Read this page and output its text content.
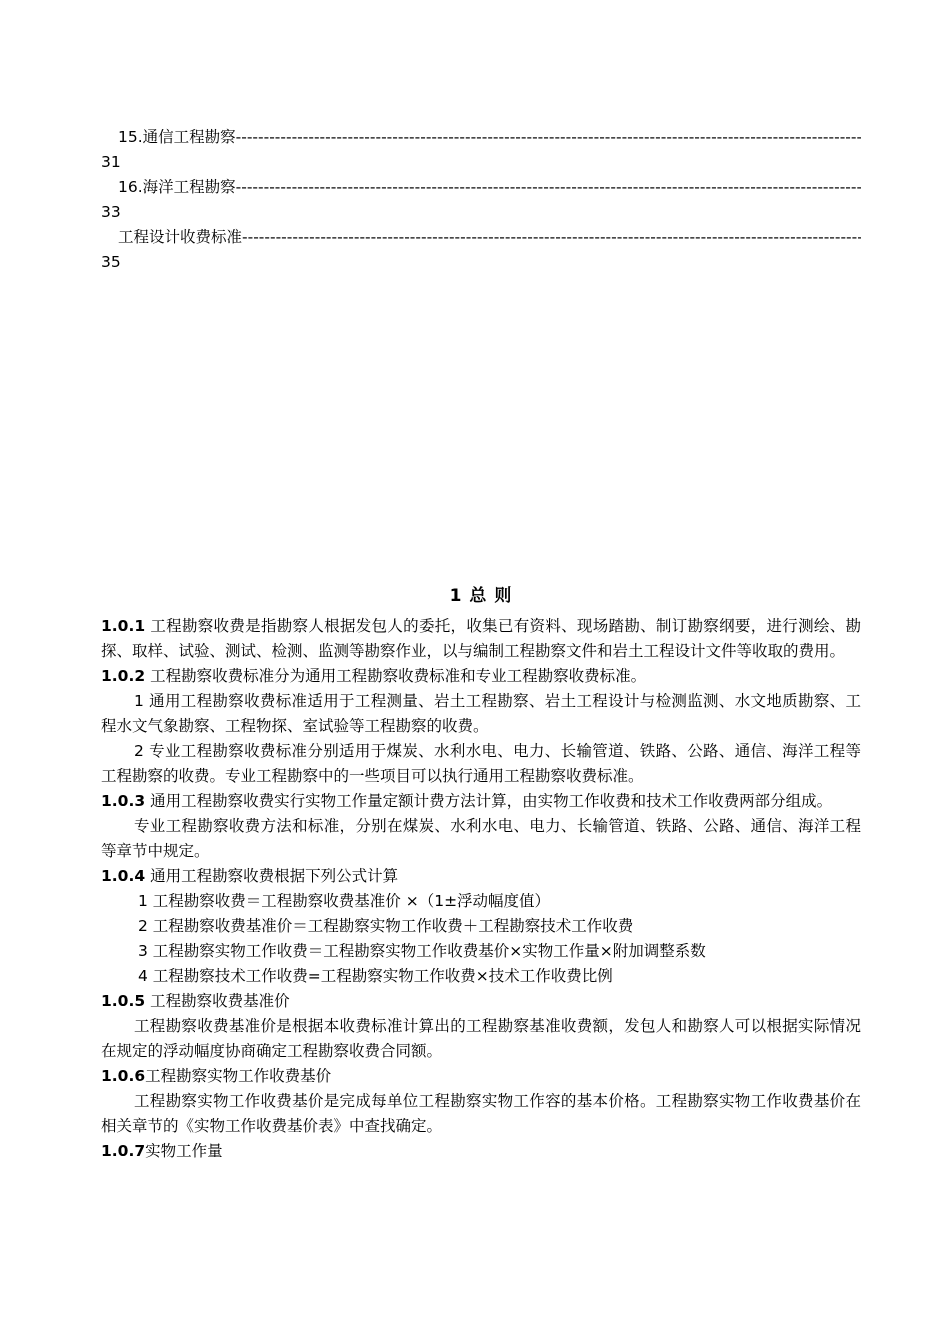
15.通信工程勘察
-----
31
16.海洋工程勘察
-----
33
工程设计收费标准
-----
35
1 总 则
1.0.1 工程勘察收费是指勘察人根据发包人的委托，收集已有资料、现场踏勘、制订勘察纲要，进行测绘、勘探、取样、试验、测试、检测、监测等勘察作业，以与编制工程勘察文件和岩土工程设计文件等收取的费用。
1.0.2 工程勘察收费标准分为通用工程勘察收费标准和专业工程勘察收费标准。
1 通用工程勘察收费标准适用于工程测量、岩土工程勘察、岩土工程设计与检测监测、水文地质勘察、工程水文气象勘察、工程物探、室试验等工程勘察的收费。
2 专业工程勘察收费标准分别适用于煤炭、水利水电、电力、长输管道、铁路、公路、通信、海洋工程等工程勘察的收费。专业工程勘察中的一些项目可以执行通用工程勘察收费标准。
1.0.3 通用工程勘察收费实行实物工作量定额计费方法计算，由实物工作收费和技术工作收费两部分组成。
专业工程勘察收费方法和标准，分别在煤炭、水利水电、电力、长输管道、铁路、公路、通信、海洋工程等章节中规定。
1.0.4 通用工程勘察收费根据下列公式计算
1 工程勘察收费＝工程勘察收费基准价 ×（1±浮动幅度值）
2 工程勘察收费基准价＝工程勘察实物工作收费＋工程勘察技术工作收费
3 工程勘察实物工作收费＝工程勘察实物工作收费基价×实物工作量×附加调整系数
4 工程勘察技术工作收费=工程勘察实物工作收费×技术工作收费比例
1.0.5 工程勘察收费基准价
工程勘察收费基准价是根据本收费标准计算出的工程勘察基准收费额，发包人和勘察人可以根据实际情况在规定的浮动幅度协商确定工程勘察收费合同额。
1.0.6工程勘察实物工作收费基价
工程勘察实物工作收费基价是完成每单位工程勘察实物工作容的基本价格。工程勘察实物工作收费基价在相关章节的《实物工作收费基价表》中查找确定。
1.0.7实物工作量
